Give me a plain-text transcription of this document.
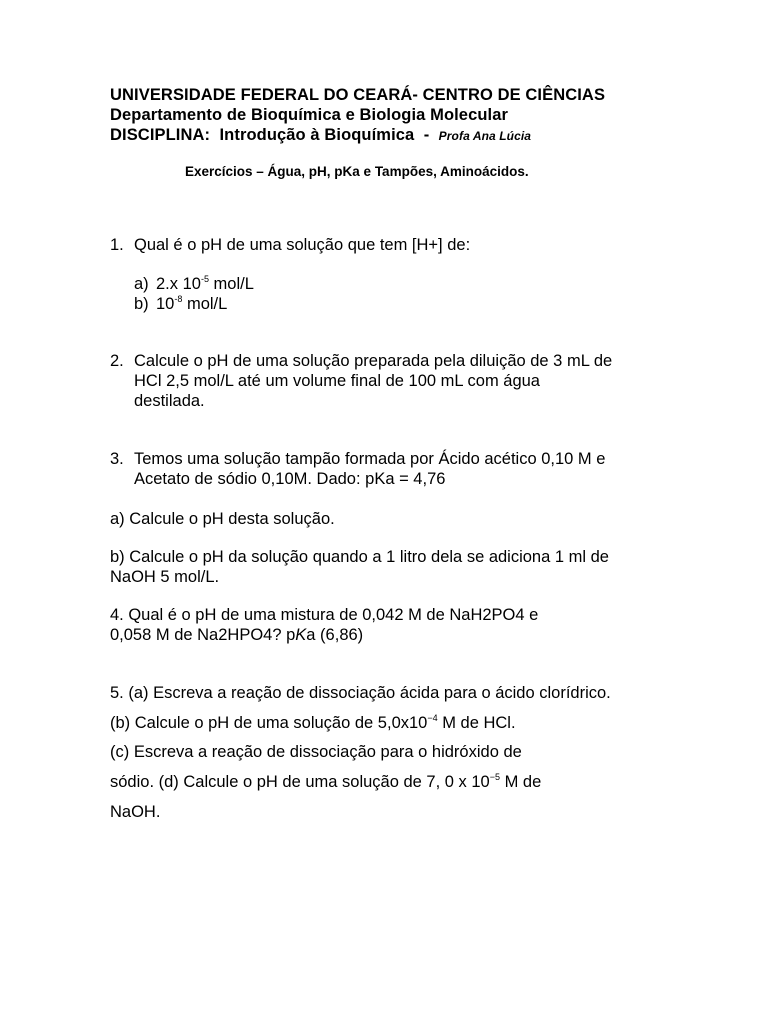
UNIVERSIDADE FEDERAL DO CEARÁ- CENTRO DE CIÊNCIAS
Departamento de Bioquímica e Biologia Molecular
DISCIPLINA: Introdução à Bioquímica - Profa Ana Lúcia
Exercícios – Água, pH, pKa e Tampões, Aminoácidos.
1. Qual é o pH de uma solução que tem [H+] de:
a) 2.x $10^{-5}$ mol/L
b) $10^{-8}$ mol/L
2. Calcule o pH de uma solução preparada pela diluição de 3 mL de
HCl 2,5 mol/L até um volume final de 100 mL com água
destilada.
3. Temos uma solução tampão formada por Ácido acético 0,10 M e
Acetato de sódio 0,10M. Dado: pKa = 4,76
a) Calcule o pH desta solução.
b) Calcule o pH da solução quando a 1 litro dela se adiciona 1 ml de
NaOH 5 mol/L.
4. Qual é o pH de uma mistura de 0,042 M de NaH2PO4 e
0,058 M de Na2HPO4? pKa (6,86)
5. (a) Escreva a reação de dissociação ácida para o ácido clorídrico.
(b) Calcule o pH de uma solução de $5,0x10^{-4}$ M de HCl.
(c) Escreva a reação de dissociação para o hidróxido de
sódio. (d) Calcule o pH de uma solução de 7, 0 x $10^{-5}$ M de
NaOH.
